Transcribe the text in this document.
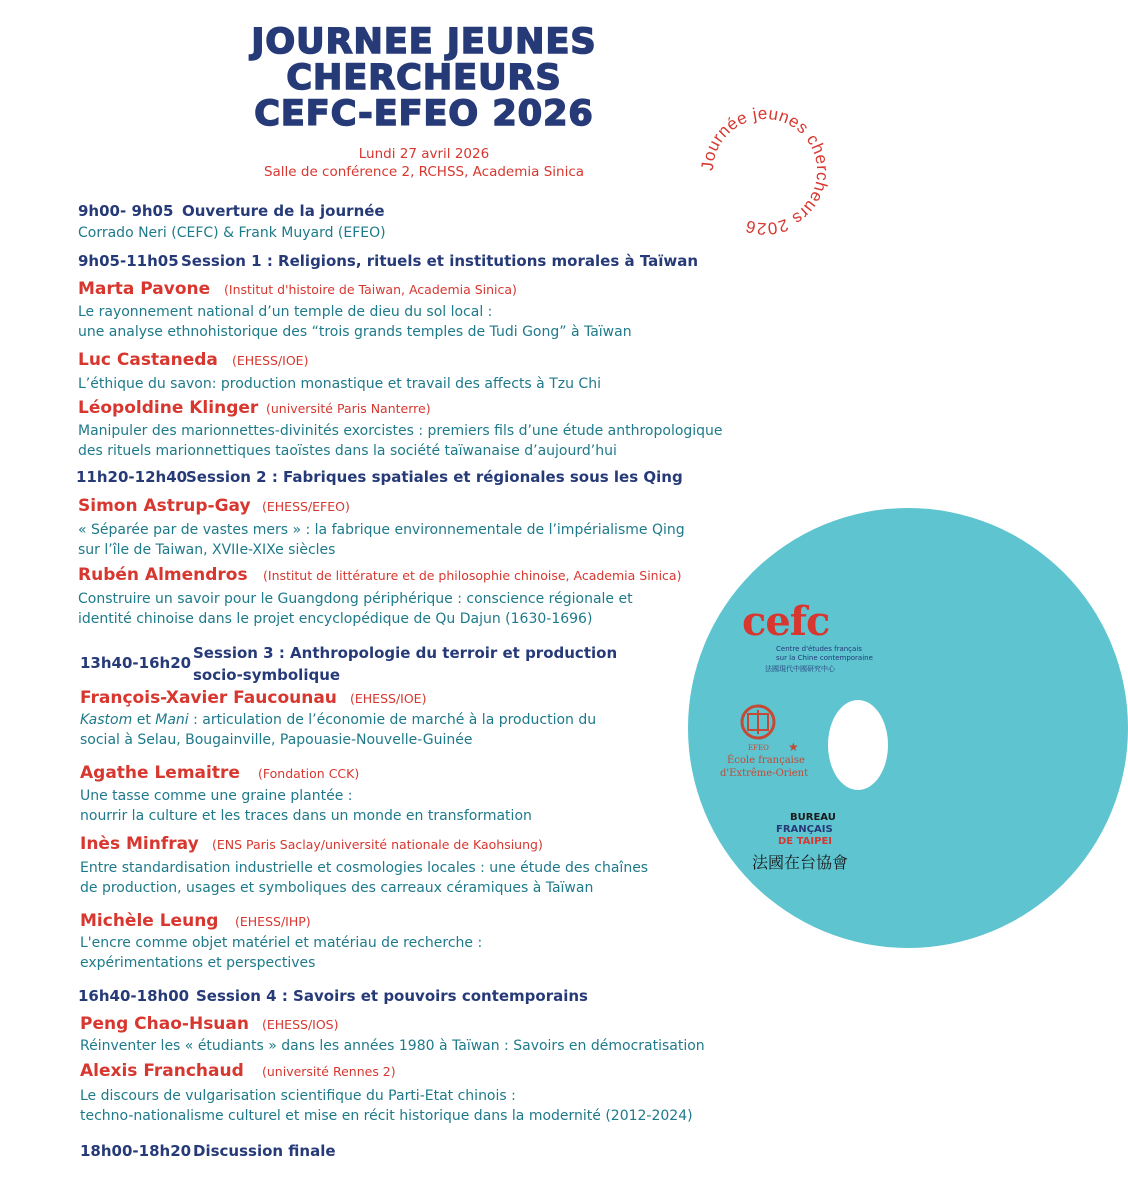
JOURNEE JEUNES
CHERCHEURS
CEFC-EFEO 2026
Lundi 27 avril 2026
Salle de conférence 2, RCHSS, Academia Sinica	Journée jeunes chercheurs 2026
9h00- 9h05 Ouverture de la journée
Corrado Neri (CEFC) & Frank Muyard (EFEO)
9h05-11h05 Session 1 : Religions, rituels et institutions morales à Taïwan
Marta Pavone (Institut d'histoire de Taiwan, Academia Sinica)
Le rayonnement national d’un temple de dieu du sol local :
une analyse ethnohistorique des “trois grands temples de Tudi Gong” à Taïwan
Luc Castaneda (EHESS/IOE)
L’éthique du savon: production monastique et travail des affects à Tzu Chi
Léopoldine Klinger (université Paris Nanterre)
Manipuler des marionnettes-divinités exorcistes : premiers fils d’une étude anthropologique
des rituels marionnettiques taoïstes dans la société taïwanaise d’aujourd’hui
11h20-12h40
Session 2 : Fabriques spatiales et régionales sous les Qing
Simon Astrup-Gay (EHESS/EFEO)
« Séparée par de vastes mers » : la fabrique environnementale de l’impérialisme Qing
sur l’île de Taiwan, XVIIe-XIXe siècles
Rubén Almendros (Institut de littérature et de philosophie chinoise, Academia Sinica)
Construire un savoir pour le Guangdong périphérique : conscience régionale et
identité chinoise dans le projet encyclopédique de Qu Dajun (1630-1696)
13h40-16h20
Session 3 : Anthropologie du terroir et production
socio-symbolique
François-Xavier Faucounau (EHESS/IOE)
Kastom et Mani : articulation de l’économie de marché à la production du
social à Selau, Bougainville, Papouasie-Nouvelle-Guinée
Agathe Lemaitre (Fondation CCK)
Une tasse comme une graine plantée :
nourrir la culture et les traces dans un monde en transformation
Inès Minfray (ENS Paris Saclay/université nationale de Kaohsiung)
Entre standardisation industrielle et cosmologies locales : une étude des chaînes
de production, usages et symboliques des carreaux céramiques à Taïwan
Michèle Leung (EHESS/IHP)
L'encre comme objet matériel et matériau de recherche :
expérimentations et perspectives
16h40-18h00 Session 4 : Savoirs et pouvoirs contemporains
Peng Chao-Hsuan (EHESS/IOS)
Réinventer les « étudiants » dans les années 1980 à Taïwan : Savoirs en démocratisation
Alexis Franchaud (université Rennes 2)
Le discours de vulgarisation scientifique du Parti-Etat chinois :
techno-nationalisme culturel et mise en récit historique dans la modernité (2012-2024)
18h00-18h20 Discussion finale
cefc
Centre d'études français
sur la Chine contemporaine
法國現代中國研究中心
EFEO ★
École française
d'Extrême-Orient
BUREAU
FRANÇAIS
DE TAIPEI
法國在台協會
